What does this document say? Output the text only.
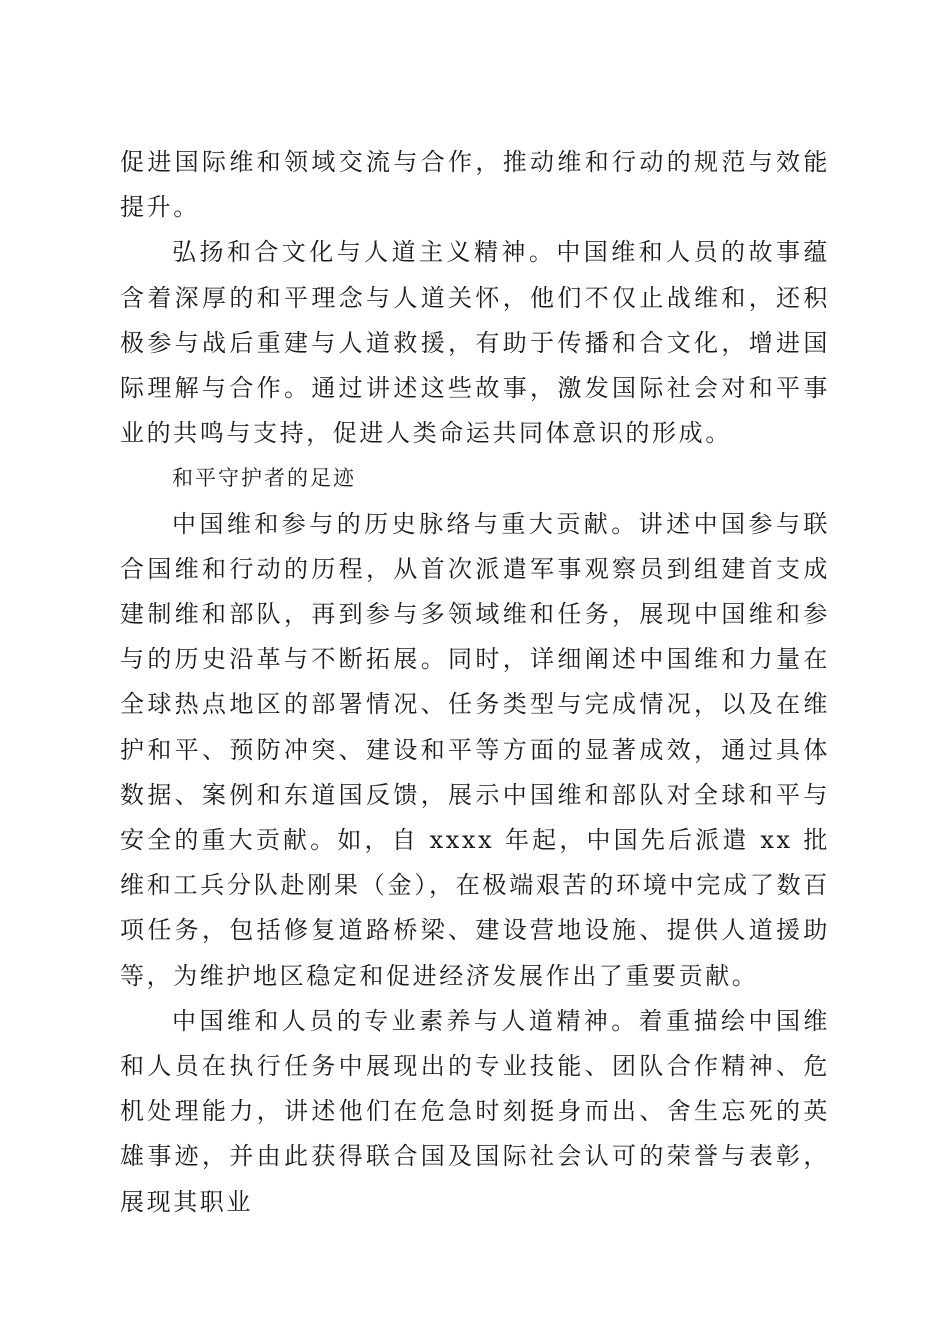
促进国际维和领域交流与合作，推动维和行动的规范与效能提升。

弘扬和合文化与人道主义精神。中国维和人员的故事蕴含着深厚的和平理念与人道关怀，他们不仅止战维和，还积极参与战后重建与人道救援，有助于传播和合文化，增进国际理解与合作。通过讲述这些故事，激发国际社会对和平事业的共鸣与支持，促进人类命运共同体意识的形成。

和平守护者的足迹

中国维和参与的历史脉络与重大贡献。讲述中国参与联合国维和行动的历程，从首次派遣军事观察员到组建首支成建制维和部队，再到参与多领域维和任务，展现中国维和参与的历史沿革与不断拓展。同时，详细阐述中国维和力量在全球热点地区的部署情况、任务类型与完成情况，以及在维护和平、预防冲突、建设和平等方面的显著成效，通过具体数据、案例和东道国反馈，展示中国维和部队对全球和平与安全的重大贡献。如，自 xxxx 年起，中国先后派遣 xx 批维和工兵分队赴刚果（金），在极端艰苦的环境中完成了数百项任务，包括修复道路桥梁、建设营地设施、提供人道援助等，为维护地区稳定和促进经济发展作出了重要贡献。

中国维和人员的专业素养与人道精神。着重描绘中国维和人员在执行任务中展现出的专业技能、团队合作精神、危机处理能力，讲述他们在危急时刻挺身而出、舍生忘死的英雄事迹，并由此获得联合国及国际社会认可的荣誉与表彰，展现其职业
